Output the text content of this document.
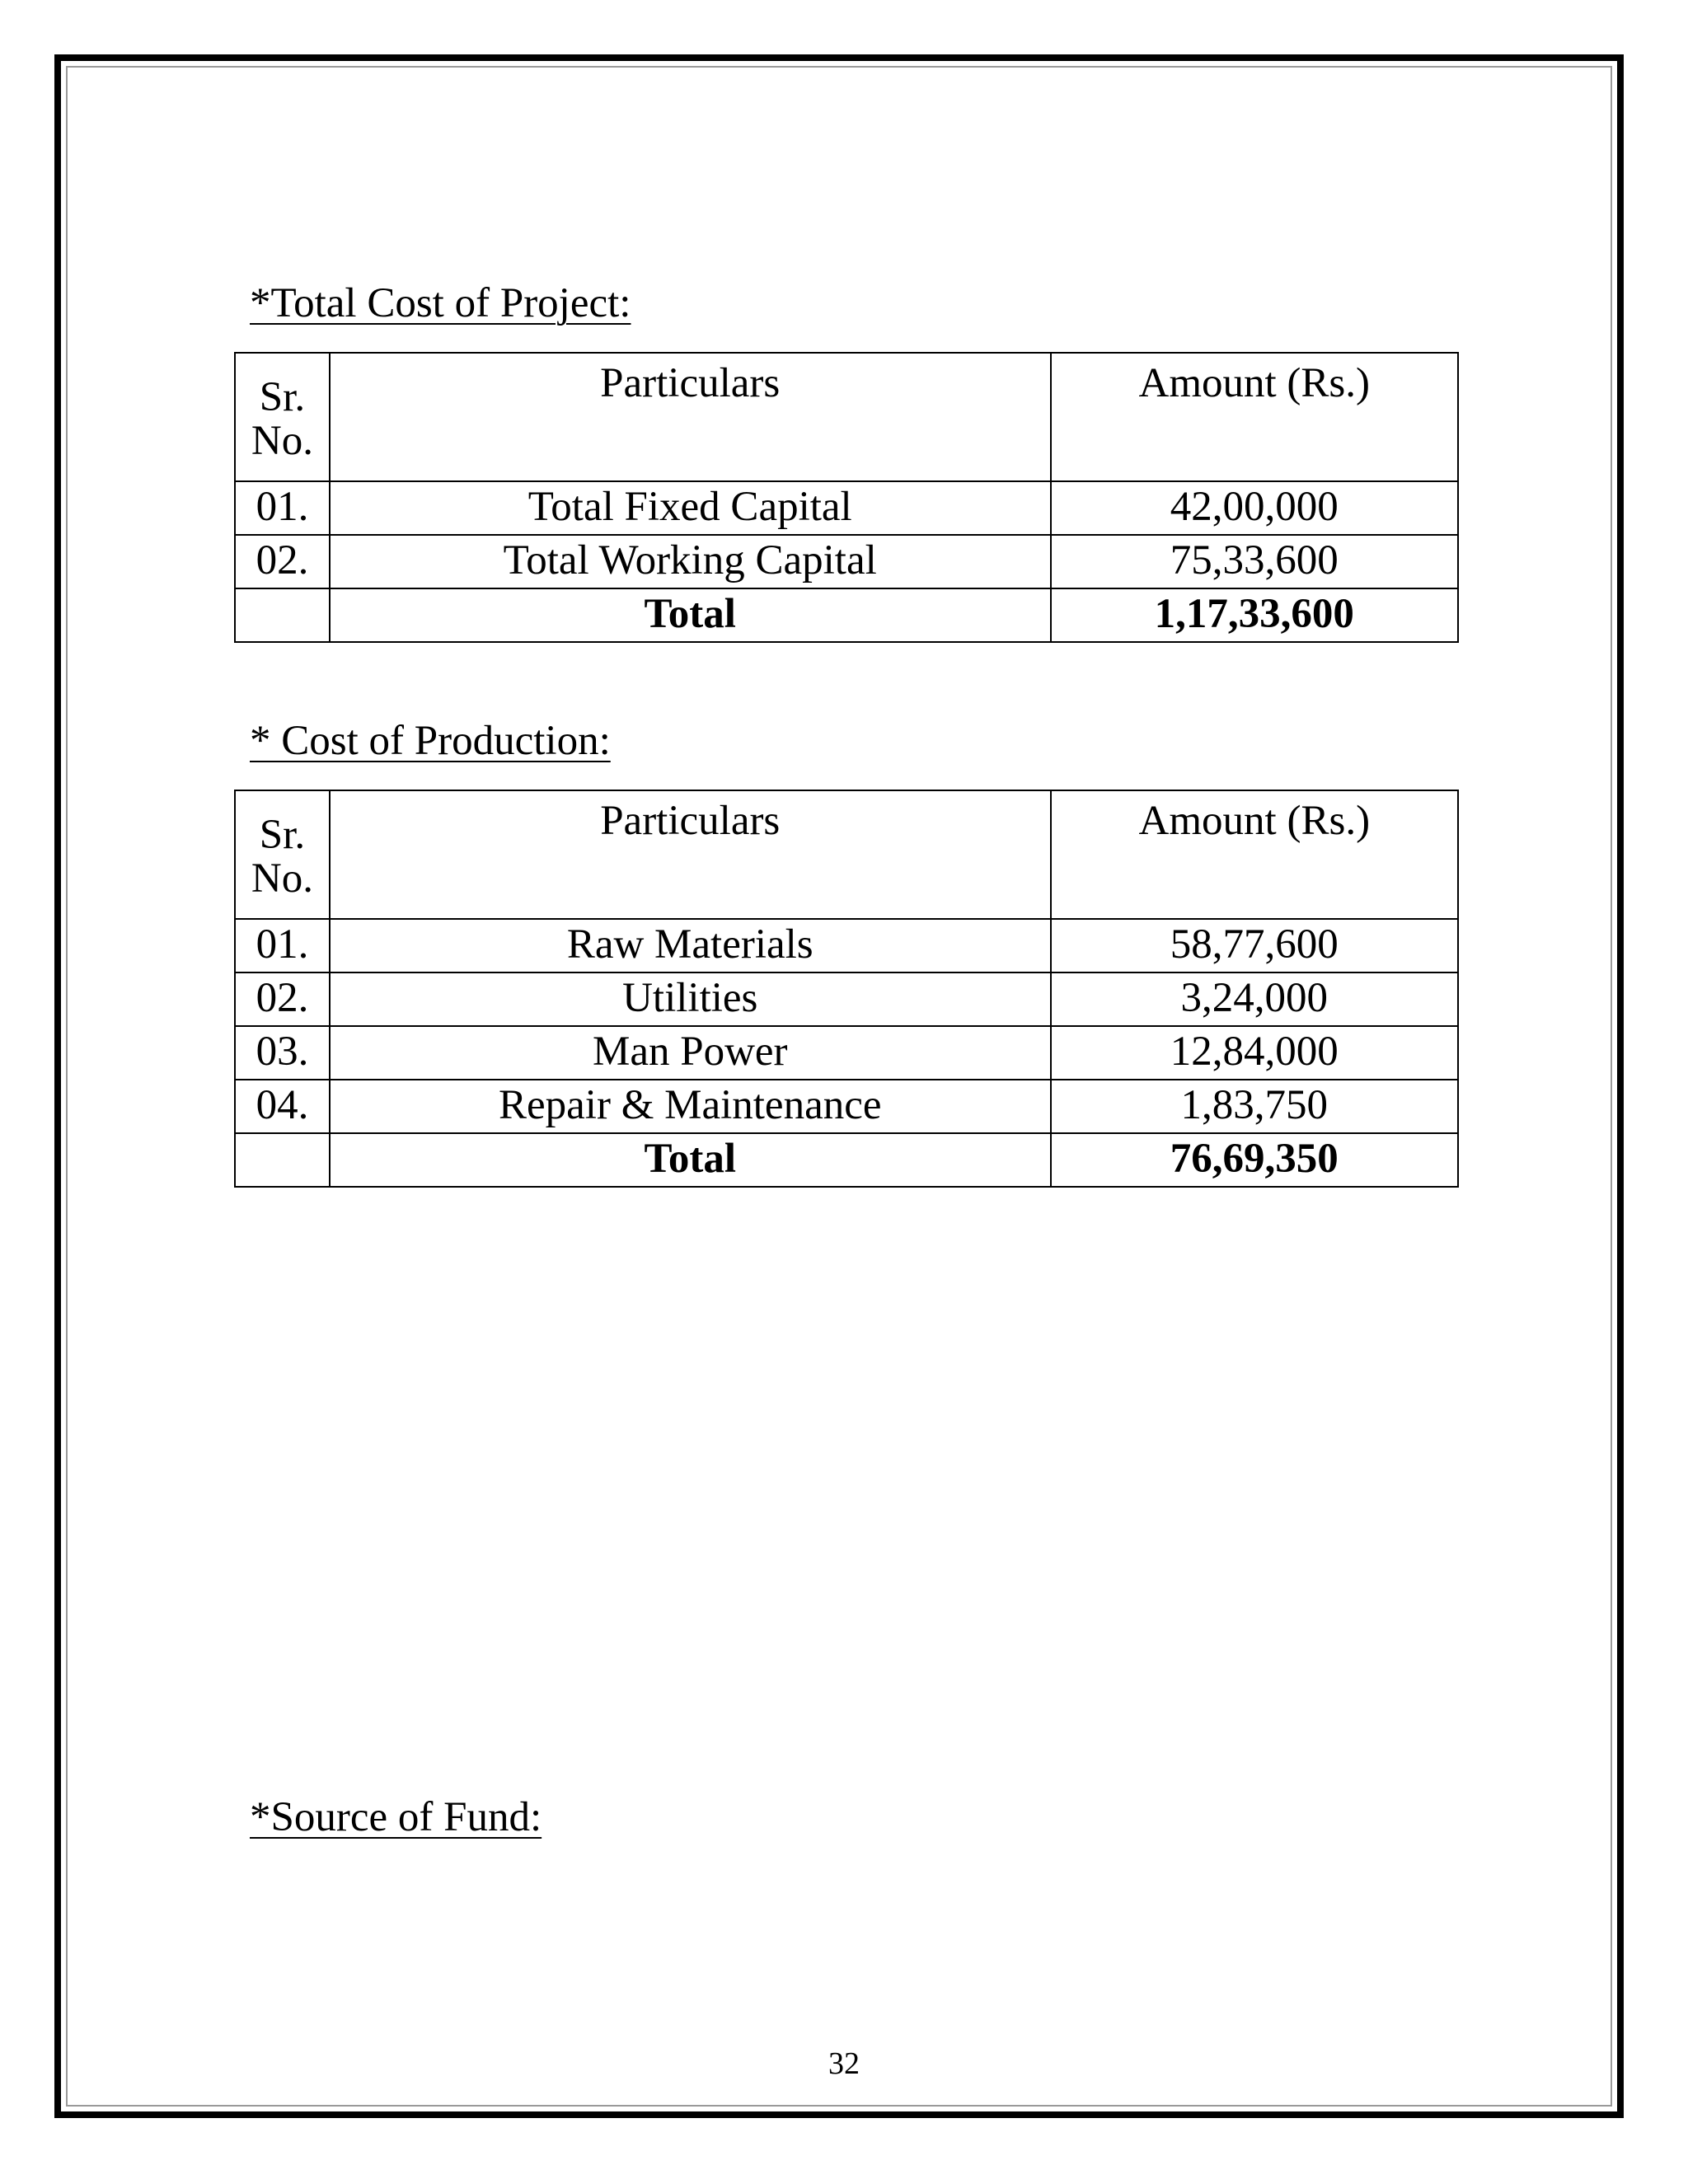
*Total Cost of Project:
Sr.
No.	Particulars	Amount (Rs.)
01.	Total Fixed Capital	42,00,000
02.	Total Working Capital	75,33,600
	Total	1,17,33,600
* Cost of Production:
Sr.
No.	Particulars	Amount (Rs.)
01.	Raw Materials	58,77,600
02.	Utilities	3,24,000
03.	Man Power	12,84,000
04.	Repair & Maintenance	1,83,750
	Total	76,69,350
*Source of Fund:
32
